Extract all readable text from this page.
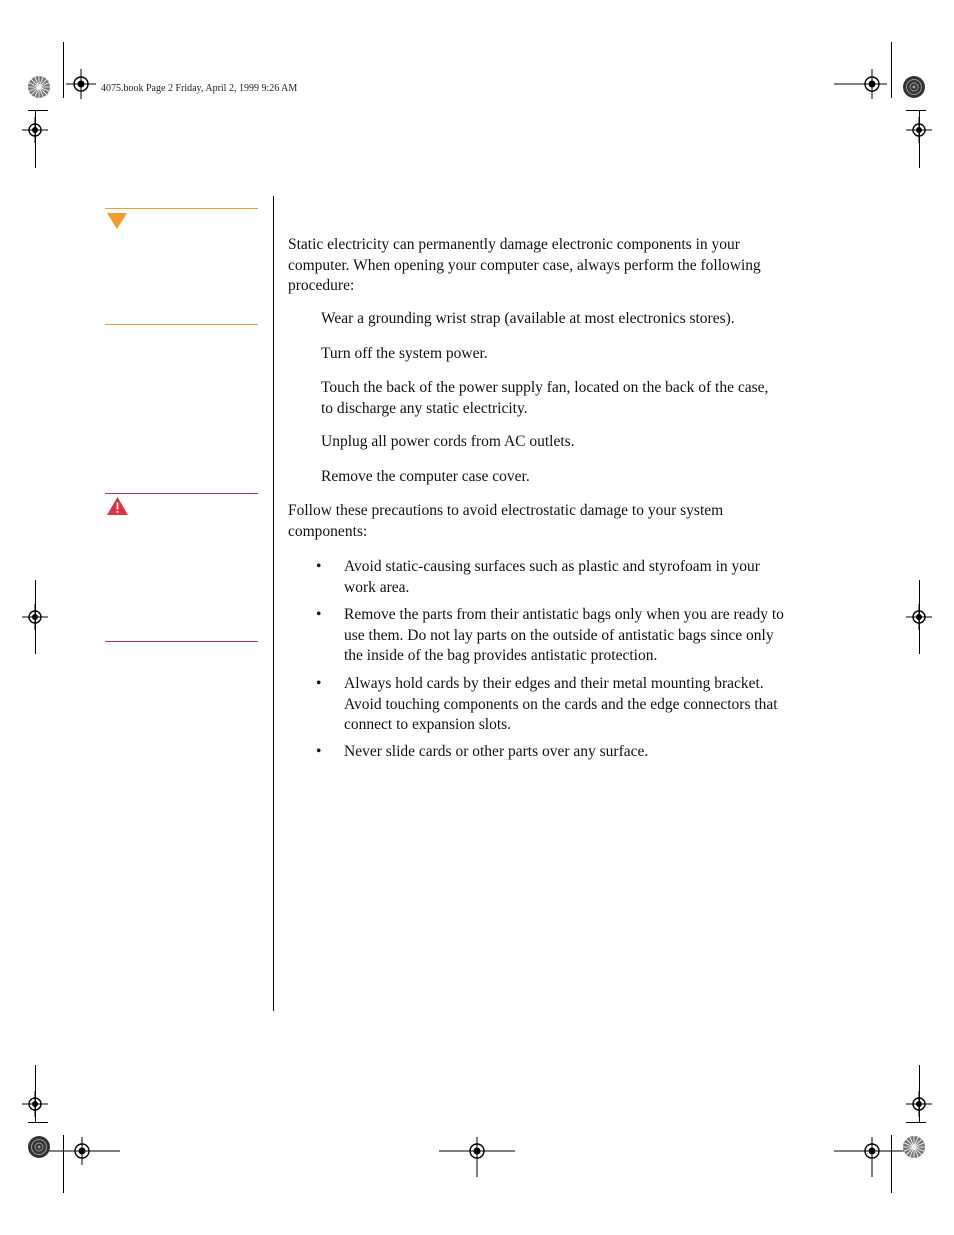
4075.book Page 2 Friday, April 2, 1999 9:26 AM
Static electricity can permanently damage electronic components in your computer. When opening your computer case, always perform the following procedure:
Wear a grounding wrist strap (available at most electronics stores).
Turn off the system power.
Touch the back of the power supply fan, located on the back of the case, to discharge any static electricity.
Unplug all power cords from AC outlets.
Remove the computer case cover.
Follow these precautions to avoid electrostatic damage to your system components:
•	Avoid static-causing surfaces such as plastic and styrofoam in your work area.
•	Remove the parts from their antistatic bags only when you are ready to use them. Do not lay parts on the outside of antistatic bags since only the inside of the bag provides antistatic protection.
•	Always hold cards by their edges and their metal mounting bracket. Avoid touching components on the cards and the edge connectors that connect to expansion slots.
•	Never slide cards or other parts over any surface.
